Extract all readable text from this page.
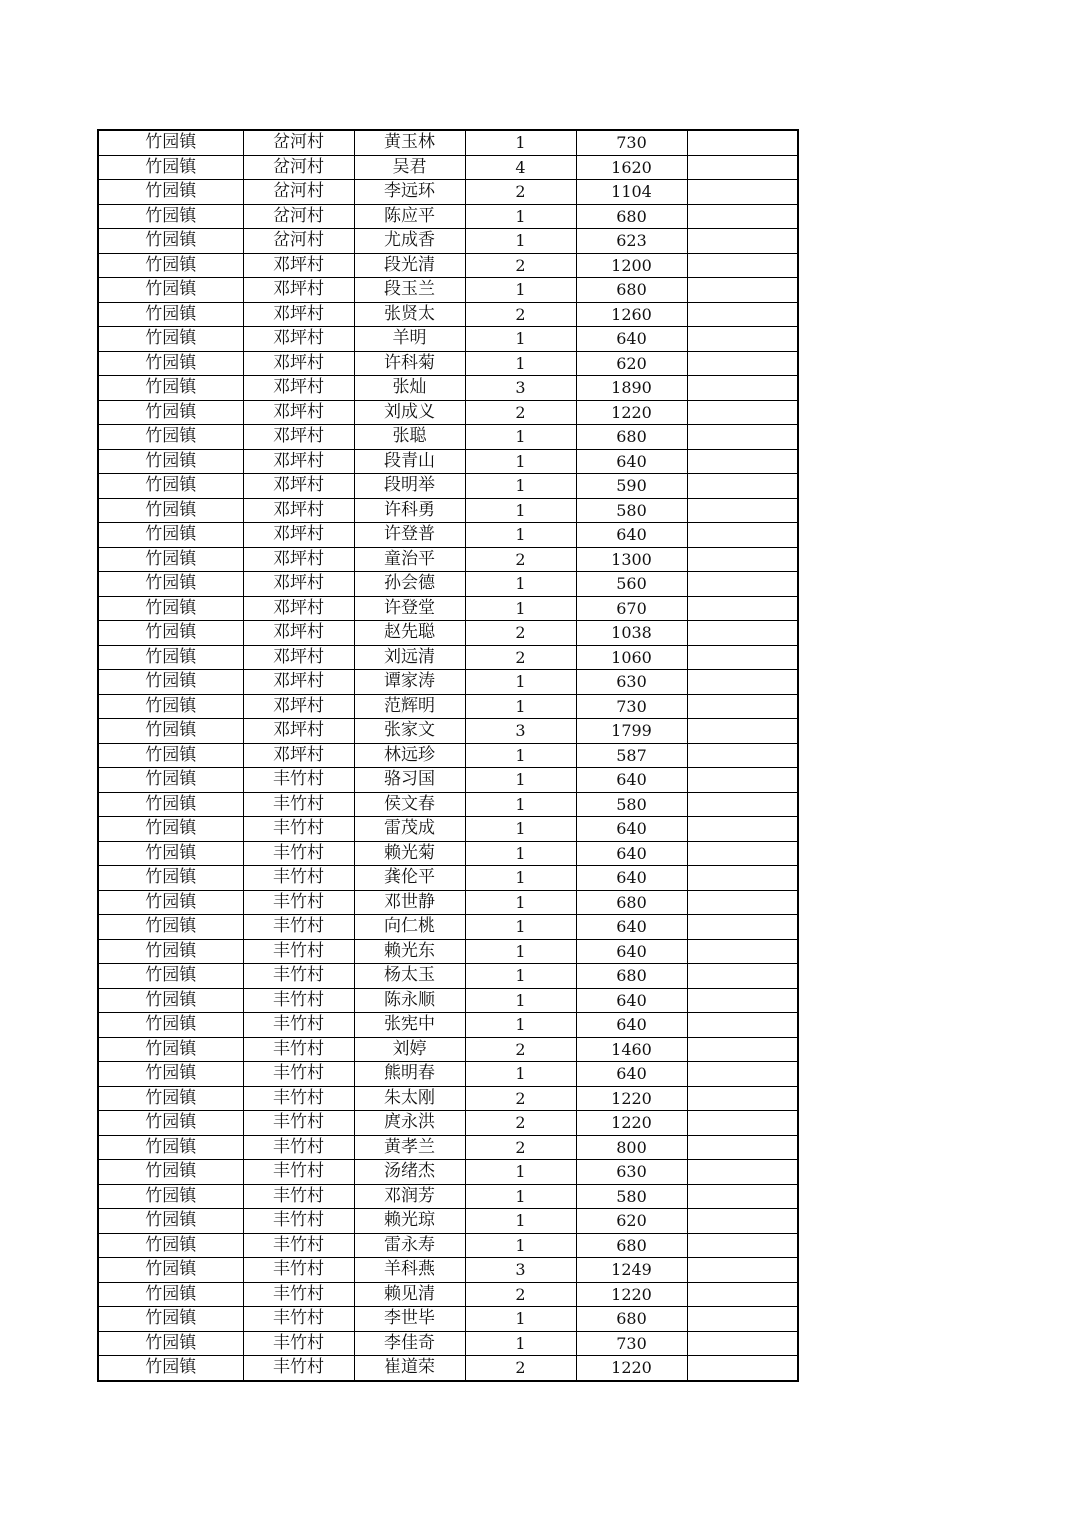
竹园镇	岔河村	黄玉林	1	730	
竹园镇	岔河村	吴君	4	1620	
竹园镇	岔河村	李远环	2	1104	
竹园镇	岔河村	陈应平	1	680	
竹园镇	岔河村	尤成香	1	623	
竹园镇	邓坪村	段光清	2	1200	
竹园镇	邓坪村	段玉兰	1	680	
竹园镇	邓坪村	张贤太	2	1260	
竹园镇	邓坪村	羊明	1	640	
竹园镇	邓坪村	许科菊	1	620	
竹园镇	邓坪村	张灿	3	1890	
竹园镇	邓坪村	刘成义	2	1220	
竹园镇	邓坪村	张聪	1	680	
竹园镇	邓坪村	段青山	1	640	
竹园镇	邓坪村	段明举	1	590	
竹园镇	邓坪村	许科勇	1	580	
竹园镇	邓坪村	许登普	1	640	
竹园镇	邓坪村	童治平	2	1300	
竹园镇	邓坪村	孙会德	1	560	
竹园镇	邓坪村	许登堂	1	670	
竹园镇	邓坪村	赵先聪	2	1038	
竹园镇	邓坪村	刘远清	2	1060	
竹园镇	邓坪村	谭家涛	1	630	
竹园镇	邓坪村	范辉明	1	730	
竹园镇	邓坪村	张家文	3	1799	
竹园镇	邓坪村	林远珍	1	587	
竹园镇	丰竹村	骆习国	1	640	
竹园镇	丰竹村	侯文春	1	580	
竹园镇	丰竹村	雷茂成	1	640	
竹园镇	丰竹村	赖光菊	1	640	
竹园镇	丰竹村	龚伦平	1	640	
竹园镇	丰竹村	邓世静	1	680	
竹园镇	丰竹村	向仁桃	1	640	
竹园镇	丰竹村	赖光东	1	640	
竹园镇	丰竹村	杨太玉	1	680	
竹园镇	丰竹村	陈永顺	1	640	
竹园镇	丰竹村	张宪中	1	640	
竹园镇	丰竹村	刘婷	2	1460	
竹园镇	丰竹村	熊明春	1	640	
竹园镇	丰竹村	朱太刚	2	1220	
竹园镇	丰竹村	庹永洪	2	1220	
竹园镇	丰竹村	黄孝兰	2	800	
竹园镇	丰竹村	汤绪杰	1	630	
竹园镇	丰竹村	邓润芳	1	580	
竹园镇	丰竹村	赖光琼	1	620	
竹园镇	丰竹村	雷永寿	1	680	
竹园镇	丰竹村	羊科燕	3	1249	
竹园镇	丰竹村	赖见清	2	1220	
竹园镇	丰竹村	李世毕	1	680	
竹园镇	丰竹村	李佳奇	1	730	
竹园镇	丰竹村	崔道荣	2	1220	
